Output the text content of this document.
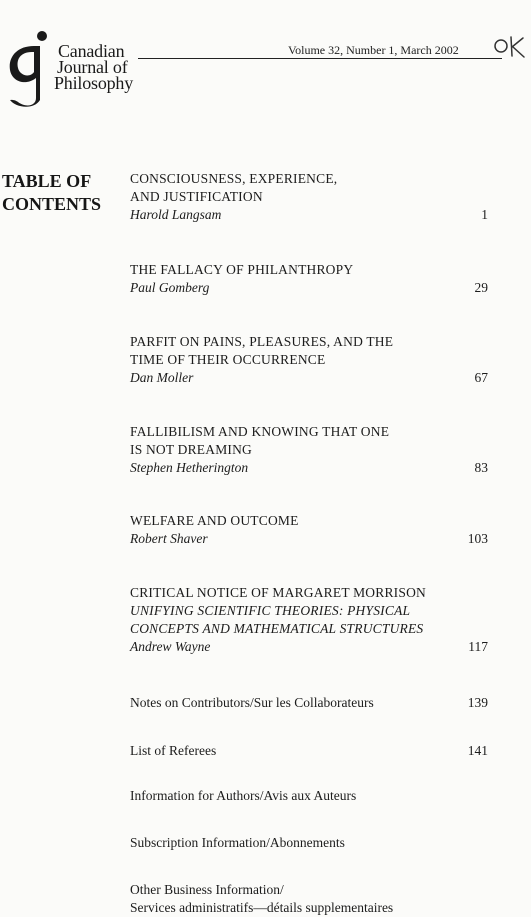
Canadian
Journal of
Philosophy
Volume 32, Number 1, March 2002
TABLE OF
CONTENTS
CONSCIOUSNESS, EXPERIENCE,
AND JUSTIFICATION
Harold Langsam	1
THE FALLACY OF PHILANTHROPY
Paul Gomberg	29
PARFIT ON PAINS, PLEASURES, AND THE
TIME OF THEIR OCCURRENCE
Dan Moller	67
FALLIBILISM AND KNOWING THAT ONE
IS NOT DREAMING
Stephen Hetherington	83
WELFARE AND OUTCOME
Robert Shaver	103
CRITICAL NOTICE OF MARGARET MORRISON
UNIFYING SCIENTIFIC THEORIES: PHYSICAL
CONCEPTS AND MATHEMATICAL STRUCTURES
Andrew Wayne	117
Notes on Contributors/Sur les Collaborateurs	139
List of Referees	141
Information for Authors/Avis aux Auteurs
Subscription Information/Abonnements
Other Business Information/
Services administratifs—détails supplementaires
